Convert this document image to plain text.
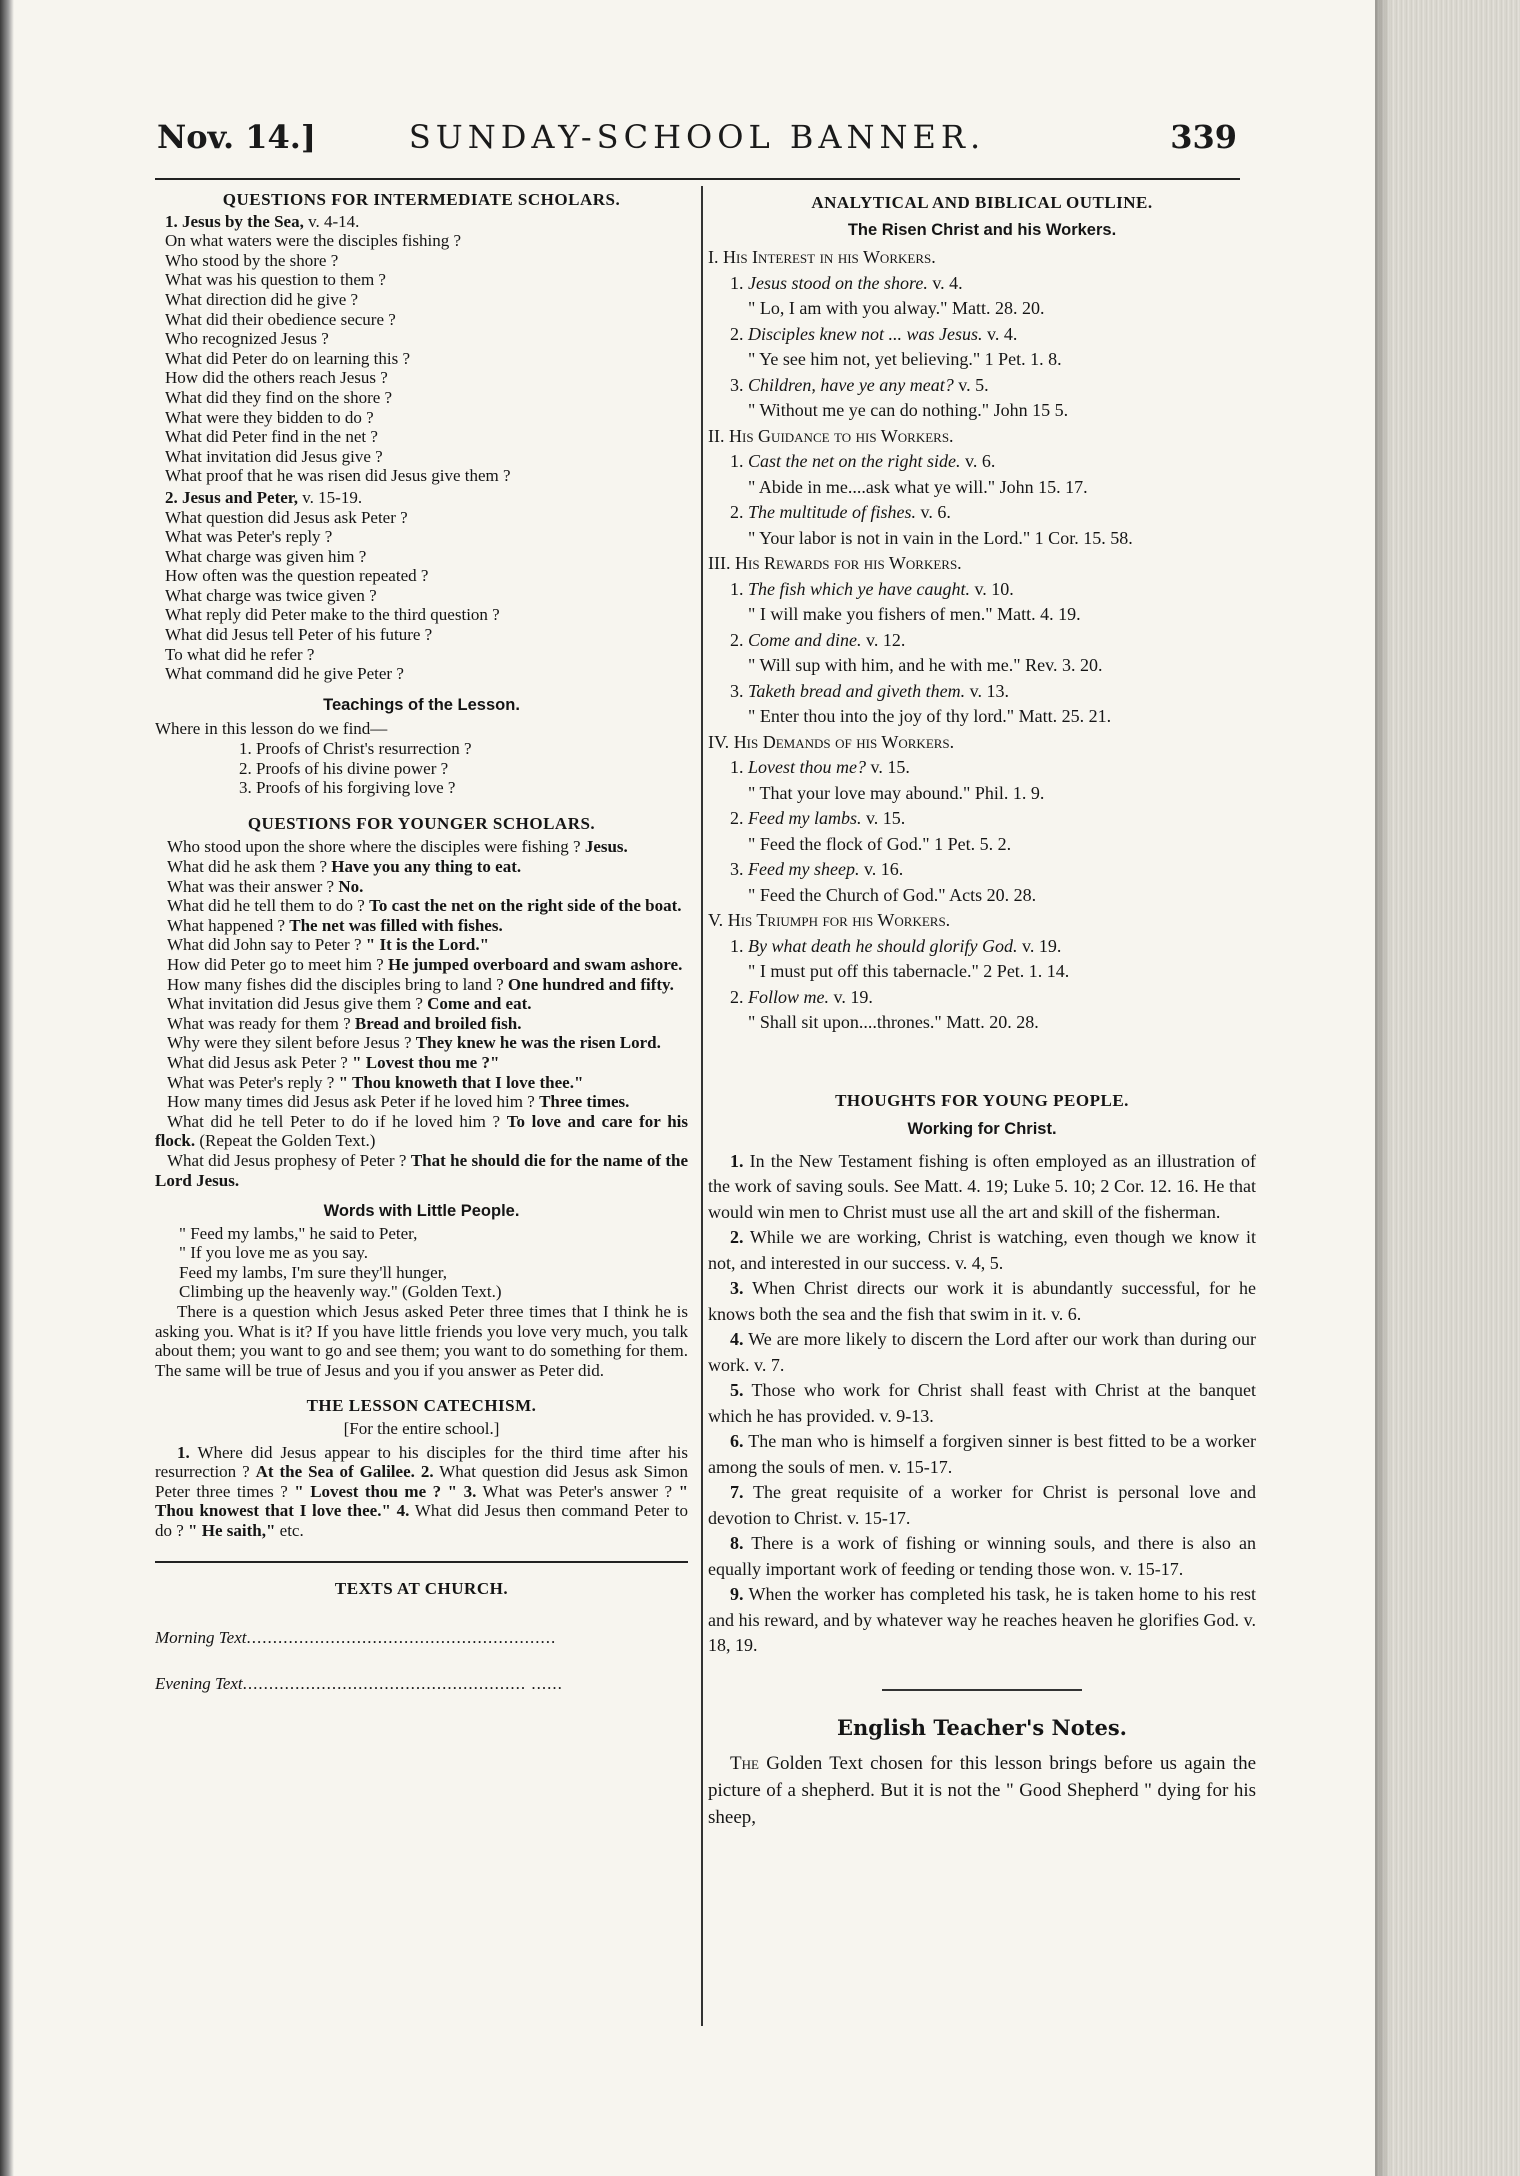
Nov. 14.]	SUNDAY-SCHOOL BANNER.	339

QUESTIONS FOR INTERMEDIATE SCHOLARS.

1. Jesus by the Sea, v. 4-14.

On what waters were the disciples fishing ?

Who stood by the shore ?

What was his question to them ?

What direction did he give ?

What did their obedience secure ?

Who recognized Jesus ?

What did Peter do on learning this ?

How did the others reach Jesus ?

What did they find on the shore ?

What were they bidden to do ?

What did Peter find in the net ?

What invitation did Jesus give ?

What proof that he was risen did Jesus give them ?

2. Jesus and Peter, v. 15-19.

What question did Jesus ask Peter ?

What was Peter's reply ?

What charge was given him ?

How often was the question repeated ?

What charge was twice given ?

What reply did Peter make to the third question ?

What did Jesus tell Peter of his future ?

To what did he refer ?

What command did he give Peter ?

Teachings of the Lesson.

Where in this lesson do we find—

1. Proofs of Christ's resurrection ?

2. Proofs of his divine power ?

3. Proofs of his forgiving love ?

QUESTIONS FOR YOUNGER SCHOLARS.

Who stood upon the shore where the disciples were fishing ? Jesus.

What did he ask them ? Have you any thing to eat.

What was their answer ? No.

What did he tell them to do ? To cast the net on the right side of the boat.

What happened ? The net was filled with fishes.

What did John say to Peter ? " It is the Lord."

How did Peter go to meet him ? He jumped overboard and swam ashore.

How many fishes did the disciples bring to land ? One hundred and fifty.

What invitation did Jesus give them ? Come and eat.

What was ready for them ? Bread and broiled fish.

Why were they silent before Jesus ? They knew he was the risen Lord.

What did Jesus ask Peter ? " Lovest thou me ?"

What was Peter's reply ? " Thou knoweth that I love thee."

How many times did Jesus ask Peter if he loved him ? Three times.

What did he tell Peter to do if he loved him ? To love and care for his flock. (Repeat the Golden Text.)

What did Jesus prophesy of Peter ? That he should die for the name of the Lord Jesus.

Words with Little People.

" Feed my lambs," he said to Peter,

" If you love me as you say.

Feed my lambs, I'm sure they'll hunger,

Climbing up the heavenly way." (Golden Text.)

There is a question which Jesus asked Peter three times that I think he is asking you. What is it? If you have little friends you love very much, you talk about them; you want to go and see them; you want to do something for them. The same will be true of Jesus and you if you answer as Peter did.

THE LESSON CATECHISM.

[For the entire school.]

1. Where did Jesus appear to his disciples for the third time after his resurrection ? At the Sea of Galilee. 2. What question did Jesus ask Simon Peter three times ? " Lovest thou me ? " 3. What was Peter's answer ? " Thou knowest that I love thee." 4. What did Jesus then command Peter to do ? " He saith," etc.

TEXTS AT CHURCH.

Morning Text...........................................................

Evening Text...................................................... ......

ANALYTICAL AND BIBLICAL OUTLINE.

The Risen Christ and his Workers.

I. His Interest in his Workers.

1. Jesus stood on the shore. v. 4.

" Lo, I am with you alway." Matt. 28. 20.

2. Disciples knew not ... was Jesus. v. 4.

" Ye see him not, yet believing." 1 Pet. 1. 8.

3. Children, have ye any meat? v. 5.

" Without me ye can do nothing." John 15 5.

II. His Guidance to his Workers.

1. Cast the net on the right side. v. 6.

" Abide in me....ask what ye will." John 15. 17.

2. The multitude of fishes. v. 6.

" Your labor is not in vain in the Lord." 1 Cor. 15. 58.

III. His Rewards for his Workers.

1. The fish which ye have caught. v. 10.

" I will make you fishers of men." Matt. 4. 19.

2. Come and dine. v. 12.

" Will sup with him, and he with me." Rev. 3. 20.

3. Taketh bread and giveth them. v. 13.

" Enter thou into the joy of thy lord." Matt. 25. 21.

IV. His Demands of his Workers.

1. Lovest thou me? v. 15.

" That your love may abound." Phil. 1. 9.

2. Feed my lambs. v. 15.

" Feed the flock of God." 1 Pet. 5. 2.

3. Feed my sheep. v. 16.

" Feed the Church of God." Acts 20. 28.

V. His Triumph for his Workers.

1. By what death he should glorify God. v. 19.

" I must put off this tabernacle." 2 Pet. 1. 14.

2. Follow me. v. 19.

" Shall sit upon....thrones." Matt. 20. 28.

THOUGHTS FOR YOUNG PEOPLE.

Working for Christ.

1. In the New Testament fishing is often employed as an illustration of the work of saving souls. See Matt. 4. 19; Luke 5. 10; 2 Cor. 12. 16. He that would win men to Christ must use all the art and skill of the fisherman.

2. While we are working, Christ is watching, even though we know it not, and interested in our success. v. 4, 5.

3. When Christ directs our work it is abundantly successful, for he knows both the sea and the fish that swim in it. v. 6.

4. We are more likely to discern the Lord after our work than during our work. v. 7.

5. Those who work for Christ shall feast with Christ at the banquet which he has provided. v. 9-13.

6. The man who is himself a forgiven sinner is best fitted to be a worker among the souls of men. v. 15-17.

7. The great requisite of a worker for Christ is personal love and devotion to Christ. v. 15-17.

8. There is a work of fishing or winning souls, and there is also an equally important work of feeding or tending those won. v. 15-17.

9. When the worker has completed his task, he is taken home to his rest and his reward, and by whatever way he reaches heaven he glorifies God. v. 18, 19.

English Teacher's Notes.

The Golden Text chosen for this lesson brings before us again the picture of a shepherd. But it is not the " Good Shepherd " dying for his sheep,
